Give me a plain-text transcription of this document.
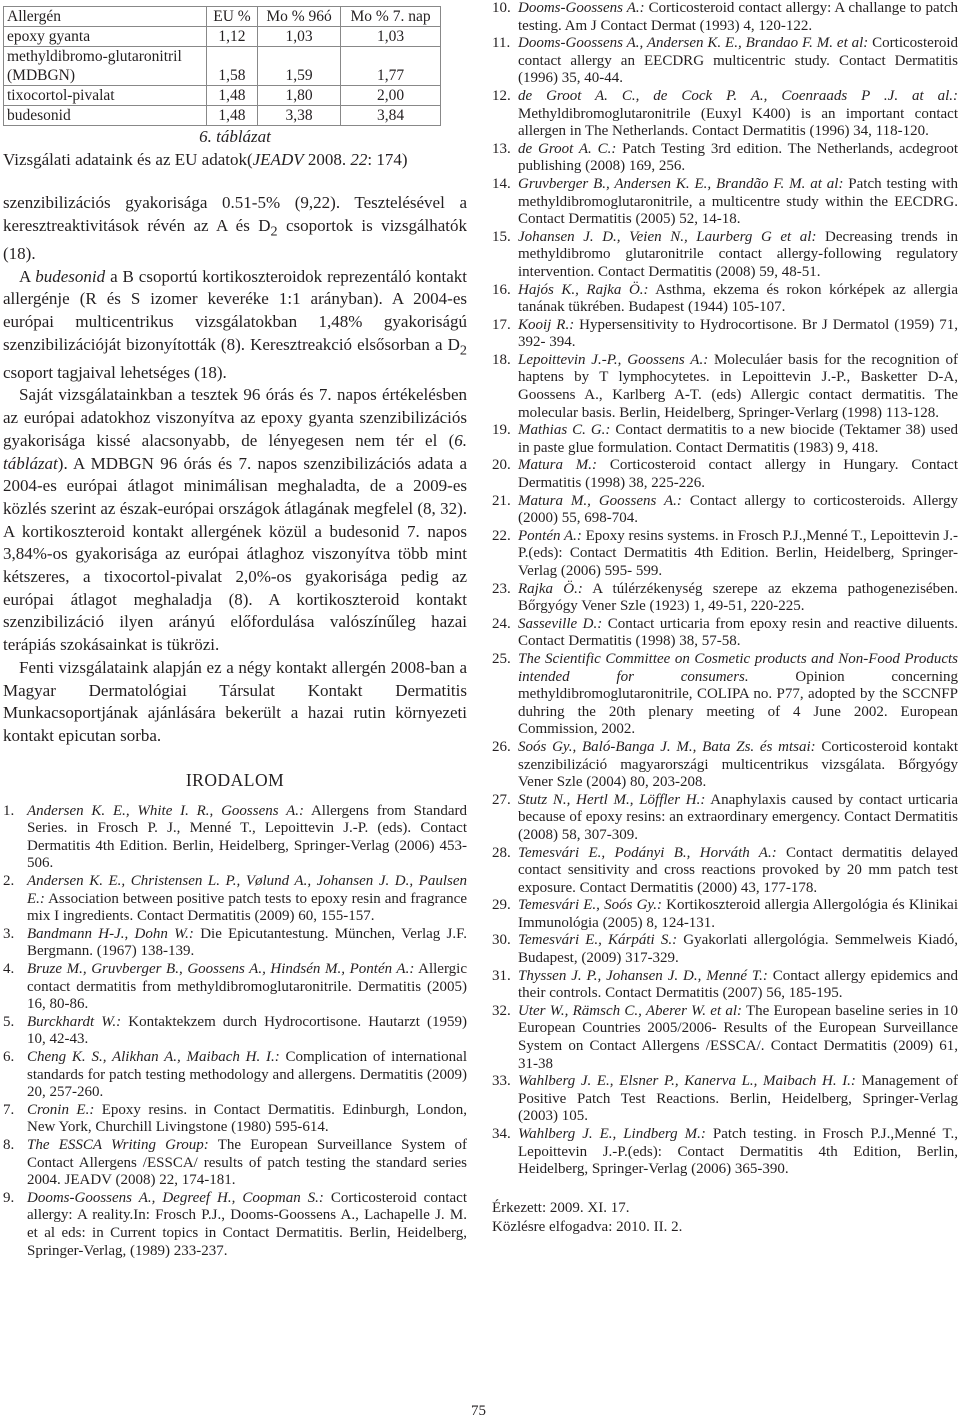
Allergén	EU %	Mo % 96ó	Mo % 7. nap
epoxy gyanta	1,12	1,03	1,03
methyldibromo-glutaronitril (MDBGN)	1,58	1,59	1,77
tixocortol-pivalat	1,48	1,80	2,00
budesonid	1,48	3,38	3,84
6. táblázat
Vizsgálati adataink és az EU adatok(JEADV 2008. 22: 174)

szenzibilizációs gyakorisága 0.51-5% (9,22). Tesztelésével a keresztreaktivitások révén az A és $D_2$ csoportok is vizsgálhatók (18).

A budesonid a B csoportú kortikoszteroidok reprezentáló kontakt allergénje (R és S izomer keveréke 1:1 arányban). A 2004-es európai multicentrikus vizsgálatokban 1,48% gyakoriságú szenzibilizációját bizonyították (8). Keresztreakció elsősorban a $D_2$ csoport tagjaival lehetséges (18).

Saját vizsgálatainkban a tesztek 96 órás és 7. napos értékelésben az európai adatokhoz viszonyítva az epoxy gyanta szenzibilizációs gyakorisága kissé alacsonyabb, de lényegesen nem tér el (6. táblázat). A MDBGN 96 órás és 7. napos szenzibilizációs adata a 2004-es európai átlagot minimálisan meghaladta, de a 2009-es közlés szerint az észak-európai országok átlagának megfelel (8, 32). A kortikoszteroid kontakt allergének közül a budesonid 7. napos 3,84%-os gyakorisága az európai átlaghoz viszonyítva több mint kétszeres, a tixocortol-pivalat 2,0%-os gyakorisága pedig az európai átlagot meghaladja (8). A kortikoszteroid kontakt szenzibilizáció ilyen arányú előfordulása valószínűleg hazai terápiás szokásainkat is tükrözi.

Fenti vizsgálataink alapján ez a négy kontakt allergén 2008-ban a Magyar Dermatológiai Társulat Kontakt Dermatitis Munkacsoportjának ajánlására bekerült a hazai rutin környezeti kontakt epicutan sorba.

IRODALOM
1. Andersen K. E., White I. R., Goossens A.: Allergens from Standard Series. in Frosch P. J., Menné T., Lepoittevin J.-P. (eds). Contact Dermatitis 4th Edition. Berlin, Heidelberg, Springer-Verlag (2006) 453-506.
2. Andersen K. E., Christensen L. P., Vølund A., Johansen J. D., Paulsen E.: Association between positive patch tests to epoxy resin and fragrance mix I ingredients. Contact Dermatitis (2009) 60, 155-157.
3. Bandmann H-J., Dohn W.: Die Epicutantestung. München, Verlag J.F. Bergmann. (1967) 138-139.
4. Bruze M., Gruvberger B., Goossens A., Hindsén M., Pontén A.: Allergic contact dermatitis from methyldibromoglutaronitrile. Dermatitis (2005) 16, 80-86.
5. Burckhardt W.: Kontaktekzem durch Hydrocortisone. Hautarzt (1959) 10, 42-43.
6. Cheng K. S., Alikhan A., Maibach H. I.: Complication of international standards for patch testing methodology and allergens. Dermatitis (2009) 20, 257-260.
7. Cronin E.: Epoxy resins. in Contact Dermatitis. Edinburgh, London, New York, Churchill Livingstone (1980) 595-614.
8. The ESSCA Writing Group: The European Surveillance System of Contact Allergens /ESSCA/ results of patch testing the standard series 2004. JEADV (2008) 22, 174-181.
9. Dooms-Goossens A., Degreef H., Coopman S.: Corticosteroid contact allergy: A reality.In: Frosch P.J., Dooms-Goossens A., Lachapelle J. M. et al eds: in Current topics in Contact Dermatitis. Berlin, Heidelberg, Springer-Verlag, (1989) 233-237.
10. Dooms-Goossens A.: Corticosteroid contact allergy: A challange to patch testing. Am J Contact Dermat (1993) 4, 120-122.
11. Dooms-Goossens A., Andersen K. E., Brandao F. M. et al: Corticosteroid contact allergy an EECDRG multicentric study. Contact Dermatitis (1996) 35, 40-44.
12. de Groot A. C., de Cock P. A., Coenraads P .J. at al.: Methyldibromoglutaronitrile (Euxyl K400) is an important contact allergen in The Netherlands. Contact Dermatitis (1996) 34, 118-120.
13. de Groot A. C.: Patch Testing 3rd edition. The Netherlands, acdegroot publishing (2008) 169, 256.
14. Gruvberger B., Andersen K. E., Brandão F. M. at al: Patch testing with methyldibromoglutaronitrile, a multicentre study within the EECDRG. Contact Dermatitis (2005) 52, 14-18.
15. Johansen J. D., Veien N., Laurberg G et al: Decreasing trends in methyldibromo glutaronitrile contact allergy-following regulatory intervention. Contact Dermatitis (2008) 59, 48-51.
16. Hajós K., Rajka Ö.: Asthma, ekzema és rokon kórképek az allergia tanának tükrében. Budapest (1944) 105-107.
17. Kooij R.: Hypersensitivity to Hydrocortisone. Br J Dermatol (1959) 71, 392- 394.
18. Lepoittevin J.-P., Goossens A.: Moleculáer basis for the recognition of haptens by T lymphocytetes. in Lepoittevin J.-P., Basketter D-A, Goossens A., Karlberg A-T. (eds) Allergic contact dermatitis. The molecular basis. Berlin, Heidelberg, Springer-Verlarg (1998) 113-128.
19. Mathias C. G.: Contact dermatitis to a new biocide (Tektamer 38) used in paste glue formulation. Contact Dermatitis (1983) 9, 418.
20. Matura M.: Corticosteroid contact allergy in Hungary. Contact Dermatitis (1998) 38, 225-226.
21. Matura M., Goossens A.: Contact allergy to corticosteroids. Allergy (2000) 55, 698-704.
22. Pontén A.: Epoxy resins systems. in Frosch P.J.,Menné T., Lepoittevin J.-P.(eds): Contact Dermatitis 4th Edition. Berlin, Heidelberg, Springer-Verlag (2006) 595- 599.
23. Rajka Ö.: A túlérzékenység szerepe az ekzema pathogenezisében. Bőrgyógy Vener Szle (1923) 1, 49-51, 220-225.
24. Sasseville D.: Contact urticaria from epoxy resin and reactive diluents. Contact Dermatitis (1998) 38, 57-58.
25. The Scientific Committee on Cosmetic products and Non-Food Products intended for consumers. Opinion concerning methyldibromoglutaronitrile, COLIPA no. P77, adopted by the SCCNFP duhring the 20th plenary meeting of 4 June 2002. European Commission, 2002.
26. Soós Gy., Baló-Banga J. M., Bata Zs. és mtsai: Corticosteroid kontakt szenzibilizáció magyarországi multicentrikus vizsgálata. Bőrgyógy Vener Szle (2004) 80, 203-208.
27. Stutz N., Hertl M., Löffler H.: Anaphylaxis caused by contact urticaria because of epoxy resins: an extraordinary emergency. Contact Dermatitis (2008) 58, 307-309.
28. Temesvári E., Podányi B., Horváth A.: Contact dermatitis delayed contact sensitivity and cross reactions provoked by 20 mm patch test exposure. Contact Dermatitis (2000) 43, 177-178.
29. Temesvári E., Soós Gy.: Kortikoszteroid allergia Allergológia és Klinikai Immunológia (2005) 8, 124-131.
30. Temesvári E., Kárpáti S.: Gyakorlati allergológia. Semmelweis Kiadó, Budapest, (2009) 317-329.
31. Thyssen J. P., Johansen J. D., Menné T.: Contact allergy epidemics and their controls. Contact Dermatitis (2007) 56, 185-195.
32. Uter W., Rämsch C., Aberer W. et al: The European baseline series in 10 European Countries 2005/2006- Results of the European Surveillance System on Contact Allergens /ESSCA/. Contact Dermatitis (2009) 61, 31-38
33. Wahlberg J. E., Elsner P., Kanerva L., Maibach H. I.: Management of Positive Patch Test Reactions. Berlin, Heidelberg, Springer-Verlag (2003) 105.
34. Wahlberg J. E., Lindberg M.: Patch testing. in Frosch P.J.,Menné T., Lepoittevin J.-P.(eds): Contact Dermatitis 4th Edition, Berlin, Heidelberg, Springer-Verlag (2006) 365-390.
Érkezett: 2009. XI. 17.
Közlésre elfogadva: 2010. II. 2.
75
